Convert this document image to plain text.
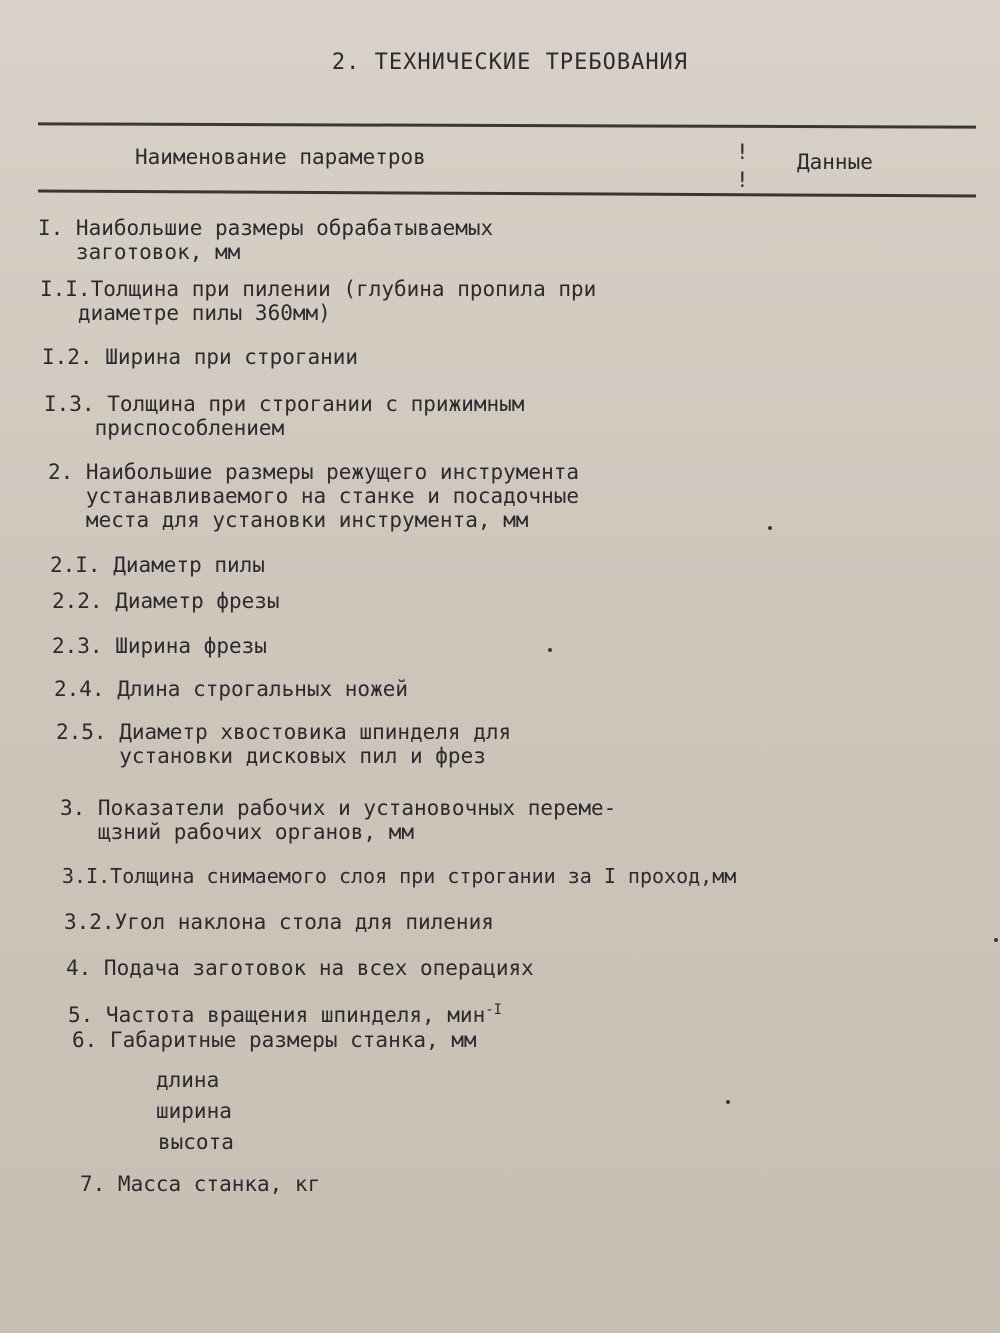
2. ТЕХНИЧЕСКИЕ ТРЕБОВАНИЯ
Наименование параметров	!
!
Данные
I. Наибольшие размеры обрабатываемых
заготовок, мм
I.I.Толщина при пилении (глубина пропила при
диаметре пилы 360мм)
I.2. Ширина при строгании
I.3. Толщина при строгании с прижимным
приспособлением
2. Наибольшие размеры режущего инструмента
устанавливаемого на станке и посадочные
места для установки инструмента, мм
2.I. Диаметр пилы
2.2. Диаметр фрезы
2.3. Ширина фрезы
2.4. Длина строгальных ножей
2.5. Диаметр хвостовика шпинделя для
установки дисковых пил и фрез
3. Показатели рабочих и установочных переме-
щзний рабочих органов, мм
3.I.Толщина снимаемого слоя при строгании за I проход,мм
3.2.Угол наклона стола для пиления
4. Подача заготовок на всех операциях
5. Частота вращения шпинделя, мин$^{-I}$
6. Габаритные размеры станка, мм
длина
ширина
высота
7. Масса станка, кг
